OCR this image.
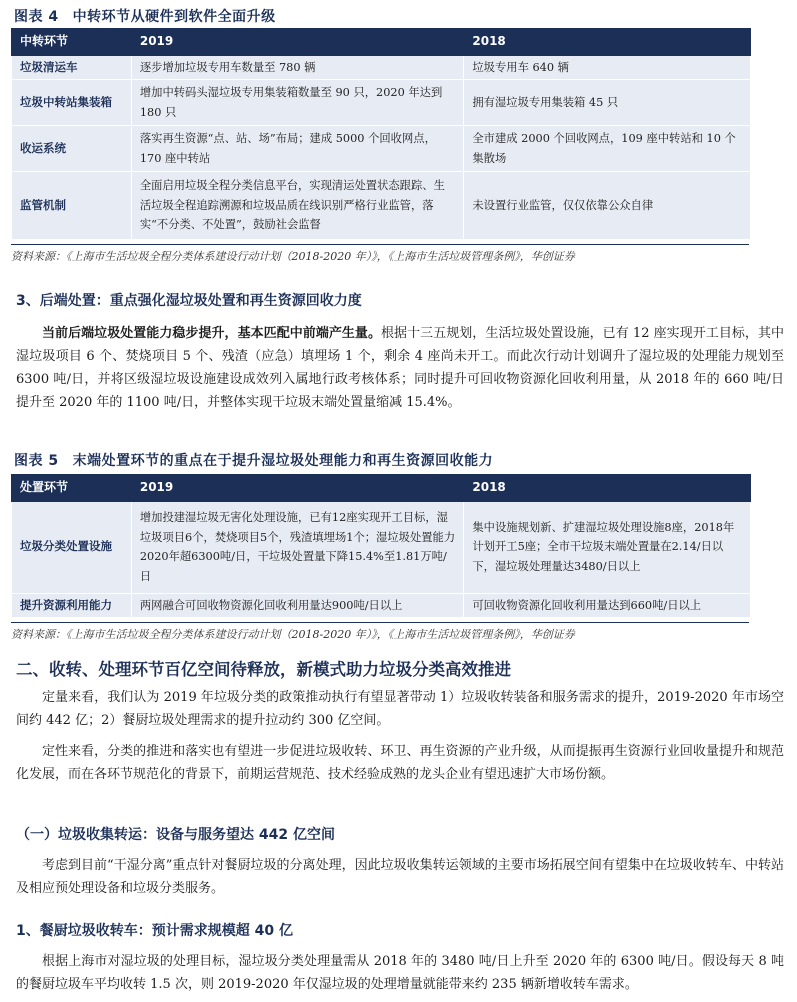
图表 4 中转环节从硬件到软件全面升级
中转环节	2019	2018
垃圾清运车	逐步增加垃圾专用车数量至 780 辆	垃圾专用车 640 辆
垃圾中转站集装箱	增加中转码头湿垃圾专用集装箱数量至 90 只，2020 年达到 180 只	拥有湿垃圾专用集装箱 45 只
收运系统	落实再生资源“点、站、场”布局；建成 5000 个回收网点，170 座中转站	全市建成 2000 个回收网点，109 座中转站和 10 个集散场
监管机制	全面启用垃圾全程分类信息平台，实现清运处置状态跟踪、生活垃圾全程追踪溯源和垃圾品质在线识别严格行业监管，落实“不分类、不处置”，鼓励社会监督	未设置行业监管，仅仅依靠公众自律
资料来源：《上海市生活垃圾全程分类体系建设行动计划（2018-2020 年）》，《上海市生活垃圾管理条例》，华创证券
3、后端处置：重点强化湿垃圾处置和再生资源回收力度
当前后端垃圾处置能力稳步提升，基本匹配中前端产生量。根据十三五规划，生活垃圾处置设施，已有 12 座实现开工目标，其中湿垃圾项目 6 个、焚烧项目 5 个、残渣（应急）填埋场 1 个，剩余 4 座尚未开工。而此次行动计划调升了湿垃圾的处理能力规划至 6300 吨/日，并将区级湿垃圾设施建设成效列入属地行政考核体系；同时提升可回收物资源化回收利用量，从 2018 年的 660 吨/日提升至 2020 年的 1100 吨/日，并整体实现干垃圾末端处置量缩减 15.4%。
图表 5 末端处置环节的重点在于提升湿垃圾处理能力和再生资源回收能力
处置环节	2019	2018
垃圾分类处置设施	增加投建湿垃圾无害化处理设施，已有12座实现开工目标，湿垃圾项目6个，焚烧项目5个，残渣填埋场1个；湿垃圾处置能力2020年超6300吨/日，干垃圾处置量下降15.4%至1.81万吨/日	集中设施规划新、扩建湿垃圾处理设施8座，2018年计划开工5座；全市干垃圾末端处置量在2.14/日以下，湿垃圾处理量达3480/日以上
提升资源利用能力	两网融合可回收物资源化回收利用量达900吨/日以上	可回收物资源化回收利用量达到660吨/日以上
资料来源：《上海市生活垃圾全程分类体系建设行动计划（2018-2020 年）》，《上海市生活垃圾管理条例》，华创证券
二、收转、处理环节百亿空间待释放，新模式助力垃圾分类高效推进
定量来看，我们认为 2019 年垃圾分类的政策推动执行有望显著带动 1）垃圾收转装备和服务需求的提升，2019-2020 年市场空间约 442 亿；2）餐厨垃圾处理需求的提升拉动约 300 亿空间。
定性来看，分类的推进和落实也有望进一步促进垃圾收转、环卫、再生资源的产业升级，从而提振再生资源行业回收量提升和规范化发展，而在各环节规范化的背景下，前期运营规范、技术经验成熟的龙头企业有望迅速扩大市场份额。
（一）垃圾收集转运：设备与服务望达 442 亿空间
考虑到目前“干湿分离”重点针对餐厨垃圾的分离处理，因此垃圾收集转运领域的主要市场拓展空间有望集中在垃圾收转车、中转站及相应预处理设备和垃圾分类服务。
1、餐厨垃圾收转车：预计需求规模超 40 亿
根据上海市对湿垃圾的处理目标，湿垃圾分类处理量需从 2018 年的 3480 吨/日上升至 2020 年的 6300 吨/日。假设每天 8 吨的餐厨垃圾车平均收转 1.5 次，则 2019-2020 年仅湿垃圾的处理增量就能带来约 235 辆新增收转车需求。
